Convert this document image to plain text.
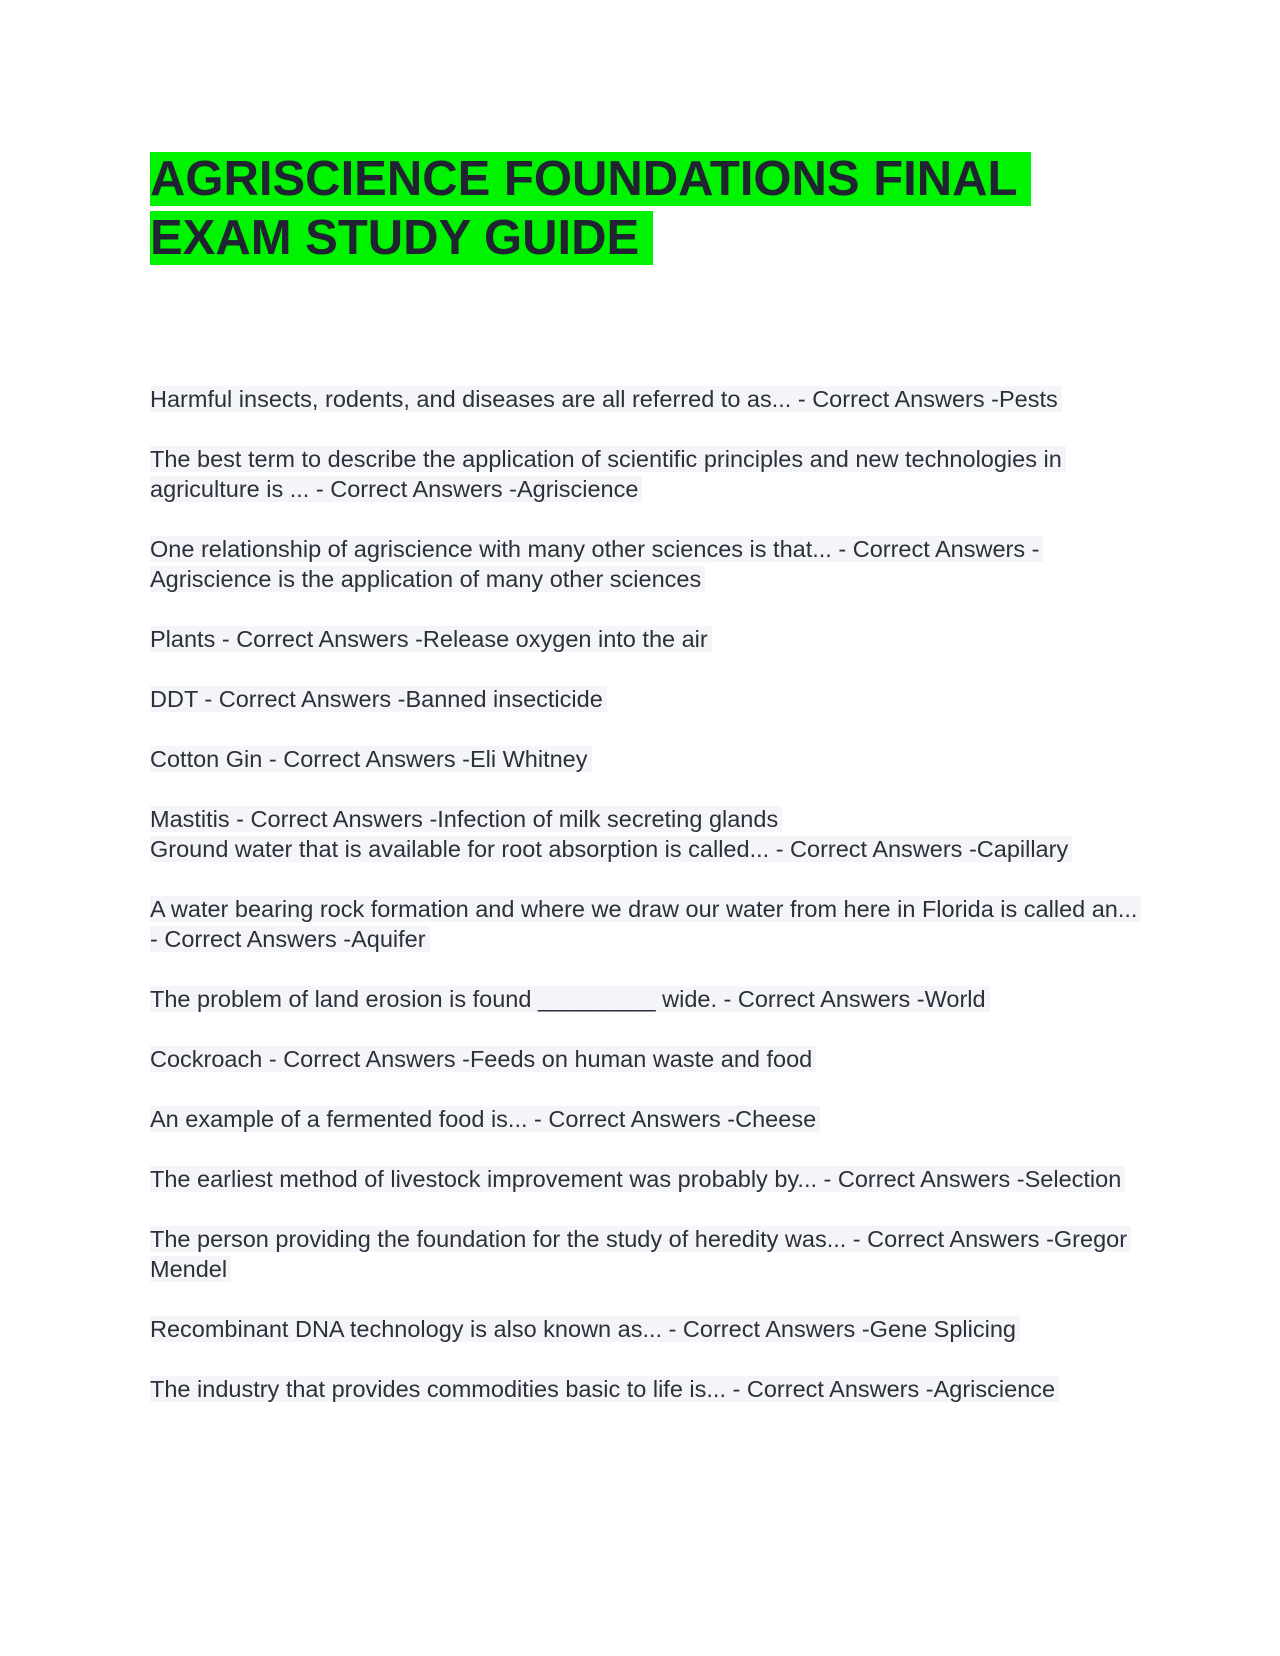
AGRISCIENCE FOUNDATIONS FINAL EXAM STUDY GUIDE
Harmful insects, rodents, and diseases are all referred to as... - Correct Answers -Pests
The best term to describe the application of scientific principles and new technologies in agriculture is ... - Correct Answers -Agriscience
One relationship of agriscience with many other sciences is that... - Correct Answers -Agriscience is the application of many other sciences
Plants - Correct Answers -Release oxygen into the air
DDT - Correct Answers -Banned insecticide
Cotton Gin - Correct Answers -Eli Whitney
Mastitis - Correct Answers -Infection of milk secreting glands
Ground water that is available for root absorption is called... - Correct Answers -Capillary
A water bearing rock formation and where we draw our water from here in Florida is called an... - Correct Answers -Aquifer
The problem of land erosion is found _________ wide. - Correct Answers -World
Cockroach - Correct Answers -Feeds on human waste and food
An example of a fermented food is... - Correct Answers -Cheese
The earliest method of livestock improvement was probably by... - Correct Answers -Selection
The person providing the foundation for the study of heredity was... - Correct Answers -Gregor Mendel
Recombinant DNA technology is also known as... - Correct Answers -Gene Splicing
The industry that provides commodities basic to life is... - Correct Answers -Agriscience
